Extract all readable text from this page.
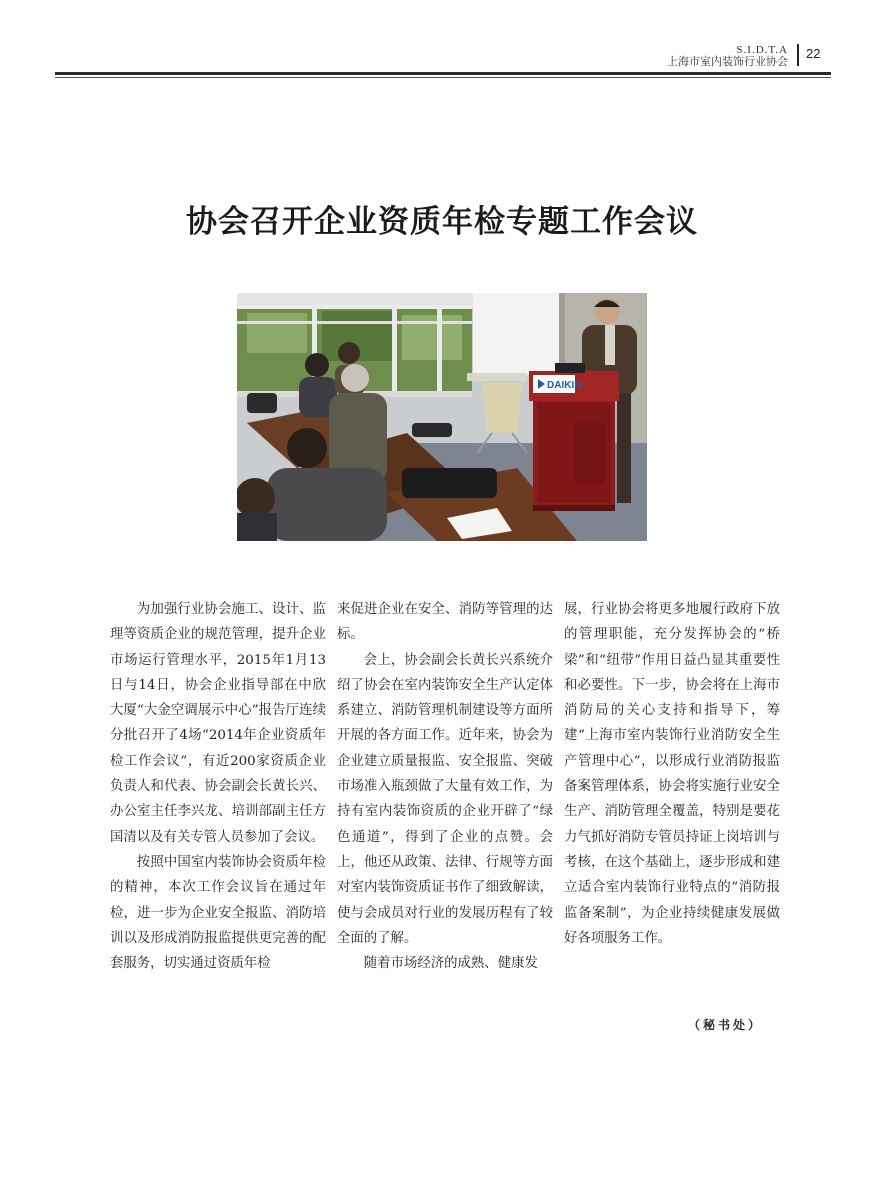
S.I.D.T.A
上海市室内装饰行业协会
22
协会召开企业资质年检专题工作会议
DAIKIN

为加强行业协会施工、设计、监理等资质企业的规范管理，提升企业市场运行管理水平，2015年1月13日与14日，协会企业指导部在中欣大厦“大金空调展示中心”报告厅连续分批召开了4场“2014年企业资质年检工作会议”，有近200家资质企业负责人和代表、协会副会长黄长兴、办公室主任李兴龙、培训部副主任方国清以及有关专管人员参加了会议。

按照中国室内装饰协会资质年检的精神，本次工作会议旨在通过年检，进一步为企业安全报监、消防培训以及形成消防报监提供更完善的配套服务，切实通过资质年检

来促进企业在安全、消防等管理的达标。

会上，协会副会长黄长兴系统介绍了协会在室内装饰安全生产认定体系建立、消防管理机制建设等方面所开展的各方面工作。近年来，协会为企业建立质量报监、安全报监、突破市场准入瓶颈做了大量有效工作，为持有室内装饰资质的企业开辟了“绿色通道”，得到了企业的点赞。会上，他还从政策、法律、行规等方面对室内装饰资质证书作了细致解读，使与会成员对行业的发展历程有了较全面的了解。

随着市场经济的成熟、健康发

展，行业协会将更多地履行政府下放的管理职能，充分发挥协会的“桥梁”和“纽带”作用日益凸显其重要性和必要性。下一步，协会将在上海市消防局的关心支持和指导下，筹建“上海市室内装饰行业消防安全生产管理中心”，以形成行业消防报监备案管理体系，协会将实施行业安全生产、消防管理全覆盖，特别是要花力气抓好消防专管员持证上岗培训与考核，在这个基础上，逐步形成和建立适合室内装饰行业特点的“消防报监备案制”，为企业持续健康发展做好各项服务工作。

（秘书处）
